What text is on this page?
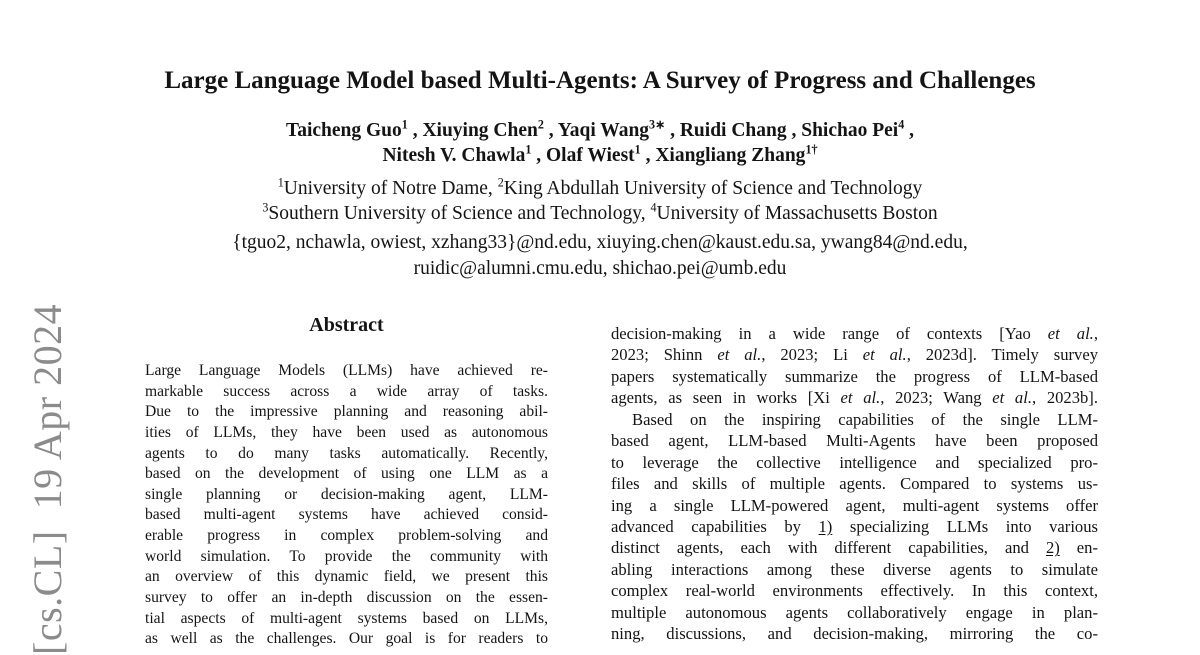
[cs.CL]  19 Apr 2024
Large Language Model based Multi-Agents: A Survey of Progress and Challenges
Taicheng Guo$^1$ , Xiuying Chen$^2$ , Yaqi Wang$^{3∗}$ , Ruidi Chang , Shichao Pei$^4$ ,
Nitesh V. Chawla$^1$ , Olaf Wiest$^1$ , Xiangliang Zhang$^{1\dagger}$
$^1$University of Notre Dame, $^2$King Abdullah University of Science and Technology
$^3$Southern University of Science and Technology, $^4$University of Massachusetts Boston
{tguo2, nchawla, owiest, xzhang33}@nd.edu, xiuying.chen@kaust.edu.sa, ywang84@nd.edu,
ruidic@alumni.cmu.edu, shichao.pei@umb.edu
Abstract
Large Language Models (LLMs) have achieved re-
markable success across a wide array of tasks.
Due to the impressive planning and reasoning abil-
ities of LLMs, they have been used as autonomous
agents to do many tasks automatically. Recently,
based on the development of using one LLM as a
single planning or decision-making agent, LLM-
based multi-agent systems have achieved consid-
erable progress in complex problem-solving and
world simulation. To provide the community with
an overview of this dynamic field, we present this
survey to offer an in-depth discussion on the essen-
tial aspects of multi-agent systems based on LLMs,
as well as the challenges. Our goal is for readers to
decision-making in a wide range of contexts [Yao et al.,
2023; Shinn et al., 2023; Li et al., 2023d]. Timely survey
papers systematically summarize the progress of LLM-based
agents, as seen in works [Xi et al., 2023; Wang et al., 2023b].
Based on the inspiring capabilities of the single LLM-
based agent, LLM-based Multi-Agents have been proposed
to leverage the collective intelligence and specialized pro-
files and skills of multiple agents. Compared to systems us-
ing a single LLM-powered agent, multi-agent systems offer
advanced capabilities by 1) specializing LLMs into various
distinct agents, each with different capabilities, and 2) en-
abling interactions among these diverse agents to simulate
complex real-world environments effectively. In this context,
multiple autonomous agents collaboratively engage in plan-
ning, discussions, and decision-making, mirroring the co-
